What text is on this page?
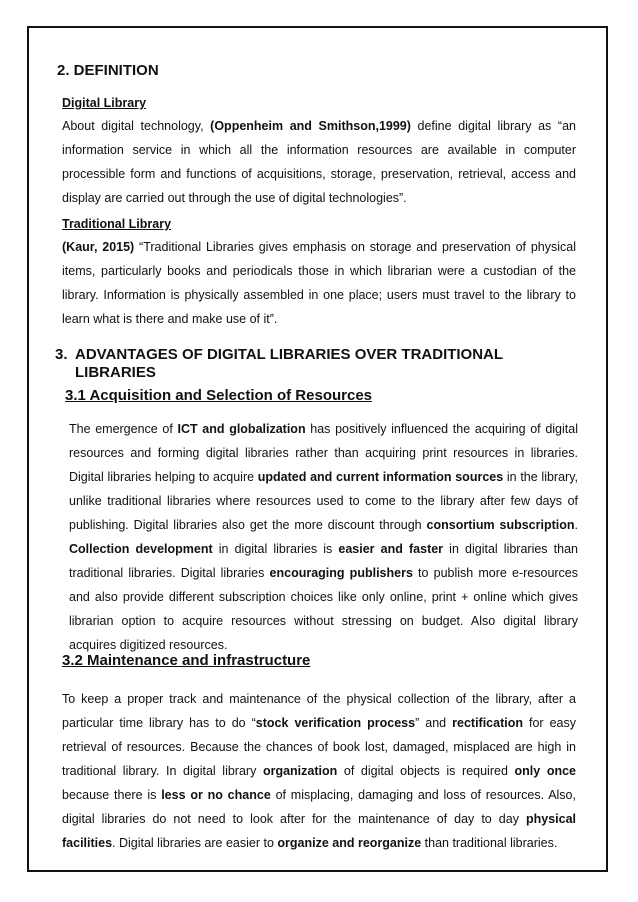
2. DEFINITION
Digital Library

About digital technology, (Oppenheim and Smithson,1999) define digital library as “an information service in which all the information resources are available in computer processible form and functions of acquisitions, storage, preservation, retrieval, access and display are carried out through the use of digital technologies”.

Traditional Library

(Kaur, 2015) “Traditional Libraries gives emphasis on storage and preservation of physical items, particularly books and periodicals those in which librarian were a custodian of the library. Information is physically assembled in one place; users must travel to the library to learn what is there and make use of it”.

3. ADVANTAGES OF DIGITAL LIBRARIES OVER TRADITIONAL
LIBRARIES
3.1 Acquisition and Selection of Resources

The emergence of ICT and globalization has positively influenced the acquiring of digital resources and forming digital libraries rather than acquiring print resources in libraries. Digital libraries helping to acquire updated and current information sources in the library, unlike traditional libraries where resources used to come to the library after few days of publishing. Digital libraries also get the more discount through consortium subscription. Collection development in digital libraries is easier and faster in digital libraries than traditional libraries. Digital libraries encouraging publishers to publish more e-resources and also provide different subscription choices like only online, print + online which gives librarian option to acquire resources without stressing on budget. Also digital library acquires digitized resources.

3.2 Maintenance and infrastructure

To keep a proper track and maintenance of the physical collection of the library, after a particular time library has to do “stock verification process” and rectification for easy retrieval of resources. Because the chances of book lost, damaged, misplaced are high in traditional library. In digital library organization of digital objects is required only once because there is less or no chance of misplacing, damaging and loss of resources. Also, digital libraries do not need to look after for the maintenance of day to day physical facilities. Digital libraries are easier to organize and reorganize than traditional libraries.
